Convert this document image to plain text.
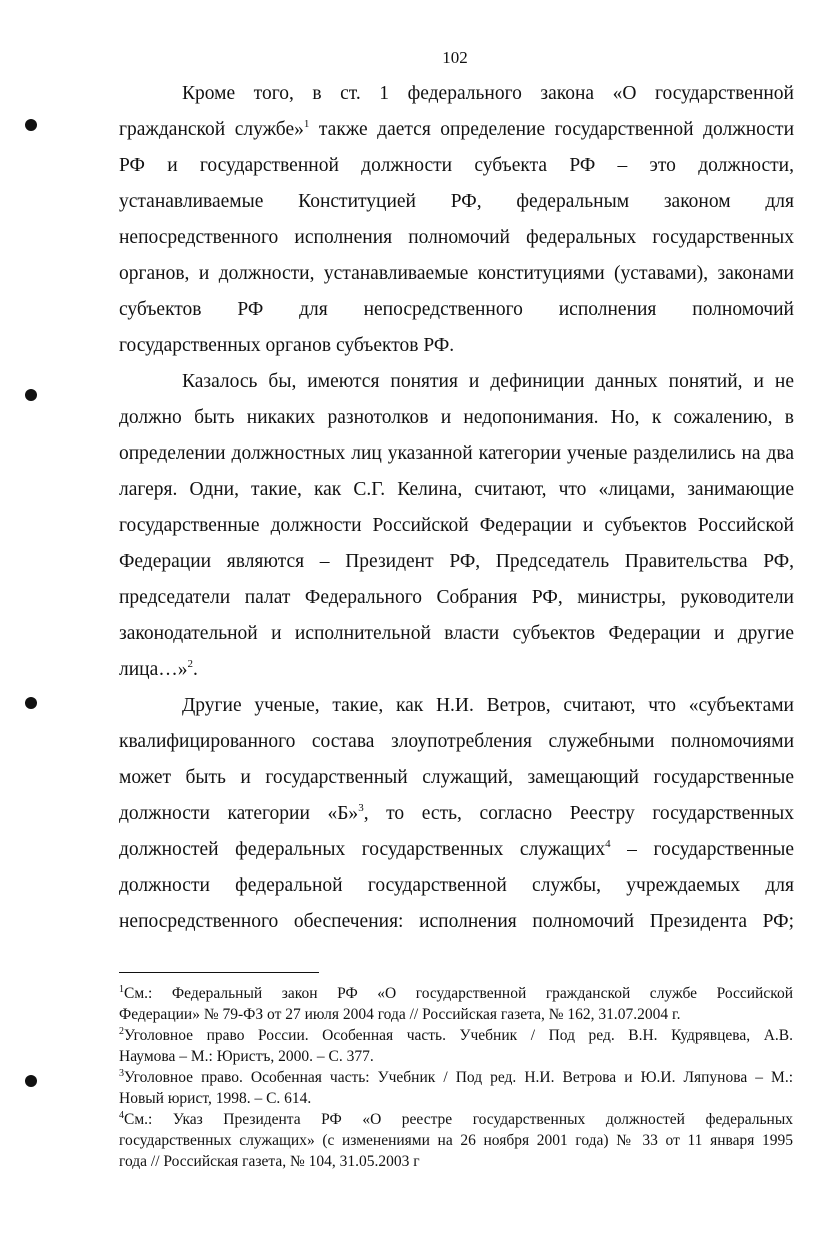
102
Кроме того, в ст. 1 федерального закона «О государственной
гражданской службе»$^1$ также дается определение государственной должности
РФ и государственной должности субъекта РФ – это должности,
устанавливаемые Конституцией РФ, федеральным законом для
непосредственного исполнения полномочий федеральных государственных
органов, и должности, устанавливаемые конституциями (уставами), законами
субъектов РФ для непосредственного исполнения полномочий
государственных органов субъектов РФ.
Казалось бы, имеются понятия и дефиниции данных понятий, и не
должно быть никаких разнотолков и недопонимания. Но, к сожалению, в
определении должностных лиц указанной категории ученые разделились на два
лагеря. Одни, такие, как С.Г. Келина, считают, что «лицами, занимающие
государственные должности Российской Федерации и субъектов Российской
Федерации являются – Президент РФ, Председатель Правительства РФ,
председатели палат Федерального Собрания РФ, министры, руководители
законодательной и исполнительной власти субъектов Федерации и другие
лица…»$^2$.
Другие ученые, такие, как Н.И. Ветров, считают, что «субъектами
квалифицированного состава злоупотребления служебными полномочиями
может быть и государственный служащий, замещающий государственные
должности категории «Б»$^3$, то есть, согласно Реестру государственных
должностей федеральных государственных служащих$^4$ – государственные
должности федеральной государственной службы, учреждаемых для
непосредственного обеспечения: исполнения полномочий Президента РФ;
$^1$См.: Федеральный закон РФ «О государственной гражданской службе Российской
Федерации» № 79-ФЗ от 27 июля 2004 года // Российская газета, № 162, 31.07.2004 г.
$^2$Уголовное право России. Особенная часть. Учебник / Под ред. В.Н. Кудрявцева, А.В.
Наумова – М.: Юристъ, 2000. – С. 377.
$^3$Уголовное право. Особенная часть: Учебник / Под ред. Н.И. Ветрова и Ю.И. Ляпунова – М.:
Новый юрист, 1998. – С. 614.
$^4$См.: Указ Президента РФ «О реестре государственных должностей федеральных
государственных служащих» (с изменениями на 26 ноября 2001 года) № 33 от 11 января 1995
года // Российская газета, № 104, 31.05.2003 г
